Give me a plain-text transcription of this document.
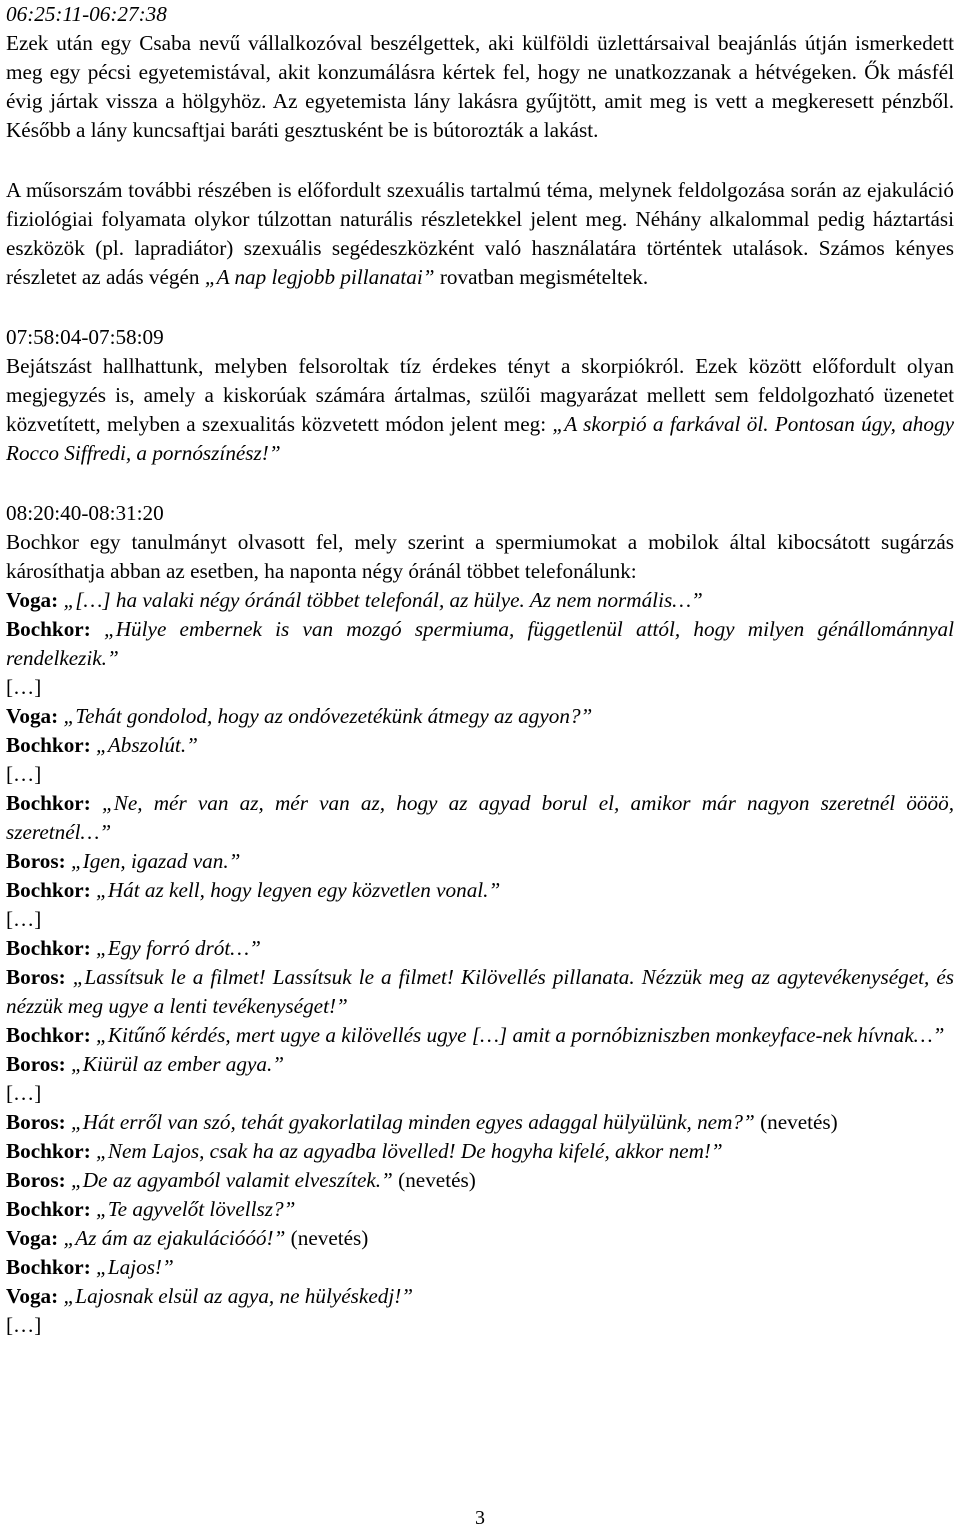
06:25:11-06:27:38

Ezek után egy Csaba nevű vállalkozóval beszélgettek, aki külföldi üzlettársaival beajánlás útján ismerkedett meg egy pécsi egyetemistával, akit konzumálásra kértek fel, hogy ne unatkozzanak a hétvégeken. Ők másfél évig jártak vissza a hölgyhöz. Az egyetemista lány lakásra gyűjtött, amit meg is vett a megkeresett pénzből. Később a lány kuncsaftjai baráti gesztusként be is bútorozták a lakást.

A műsorszám további részében is előfordult szexuális tartalmú téma, melynek feldolgozása során az ejakuláció fiziológiai folyamata olykor túlzottan naturális részletekkel jelent meg. Néhány alkalommal pedig háztartási eszközök (pl. lapradiátor) szexuális segédeszközként való használatára történtek utalások. Számos kényes részletet az adás végén „A nap legjobb pillanatai” rovatban megismételtek.

07:58:04-07:58:09

Bejátszást hallhattunk, melyben felsoroltak tíz érdekes tényt a skorpiókról. Ezek között előfordult olyan megjegyzés is, amely a kiskorúak számára ártalmas, szülői magyarázat mellett sem feldolgozható üzenetet közvetített, melyben a szexualitás közvetett módon jelent meg: „A skorpió a farkával öl. Pontosan úgy, ahogy Rocco Siffredi, a pornószínész!”

08:20:40-08:31:20

Bochkor egy tanulmányt olvasott fel, mely szerint a spermiumokat a mobilok által kibocsátott sugárzás károsíthatja abban az esetben, ha naponta négy óránál többet telefonálunk:

Voga: „[…] ha valaki négy óránál többet telefonál, az hülye. Az nem normális…”

Bochkor: „Hülye embernek is van mozgó spermiuma, függetlenül attól, hogy milyen génállománnyal rendelkezik.”

[…]

Voga: „Tehát gondolod, hogy az ondóvezetékünk átmegy az agyon?”

Bochkor: „Abszolút.”

[…]

Bochkor: „Ne, mér van az, mér van az, hogy az agyad borul el, amikor már nagyon szeretnél öööö, szeretnél…”

Boros: „Igen, igazad van.”

Bochkor: „Hát az kell, hogy legyen egy közvetlen vonal.”

[…]

Bochkor: „Egy forró drót…”

Boros: „Lassítsuk le a filmet! Lassítsuk le a filmet! Kilövellés pillanata. Nézzük meg az agytevékenységet, és nézzük meg ugye a lenti tevékenységet!”

Bochkor: „Kitűnő kérdés, mert ugye a kilövellés ugye […] amit a pornóbizniszben monkeyface-nek hívnak…”

Boros: „Kiürül az ember agya.”

[…]

Boros: „Hát erről van szó, tehát gyakorlatilag minden egyes adaggal hülyülünk, nem?” (nevetés)

Bochkor: „Nem Lajos, csak ha az agyadba lövelled! De hogyha kifelé, akkor nem!”

Boros: „De az agyamból valamit elveszítek.” (nevetés)

Bochkor: „Te agyvelőt lövellsz?”

Voga: „Az ám az ejakulációóó!” (nevetés)

Bochkor: „Lajos!”

Voga: „Lajosnak elsül az agya, ne hülyéskedj!”

[…]

3
